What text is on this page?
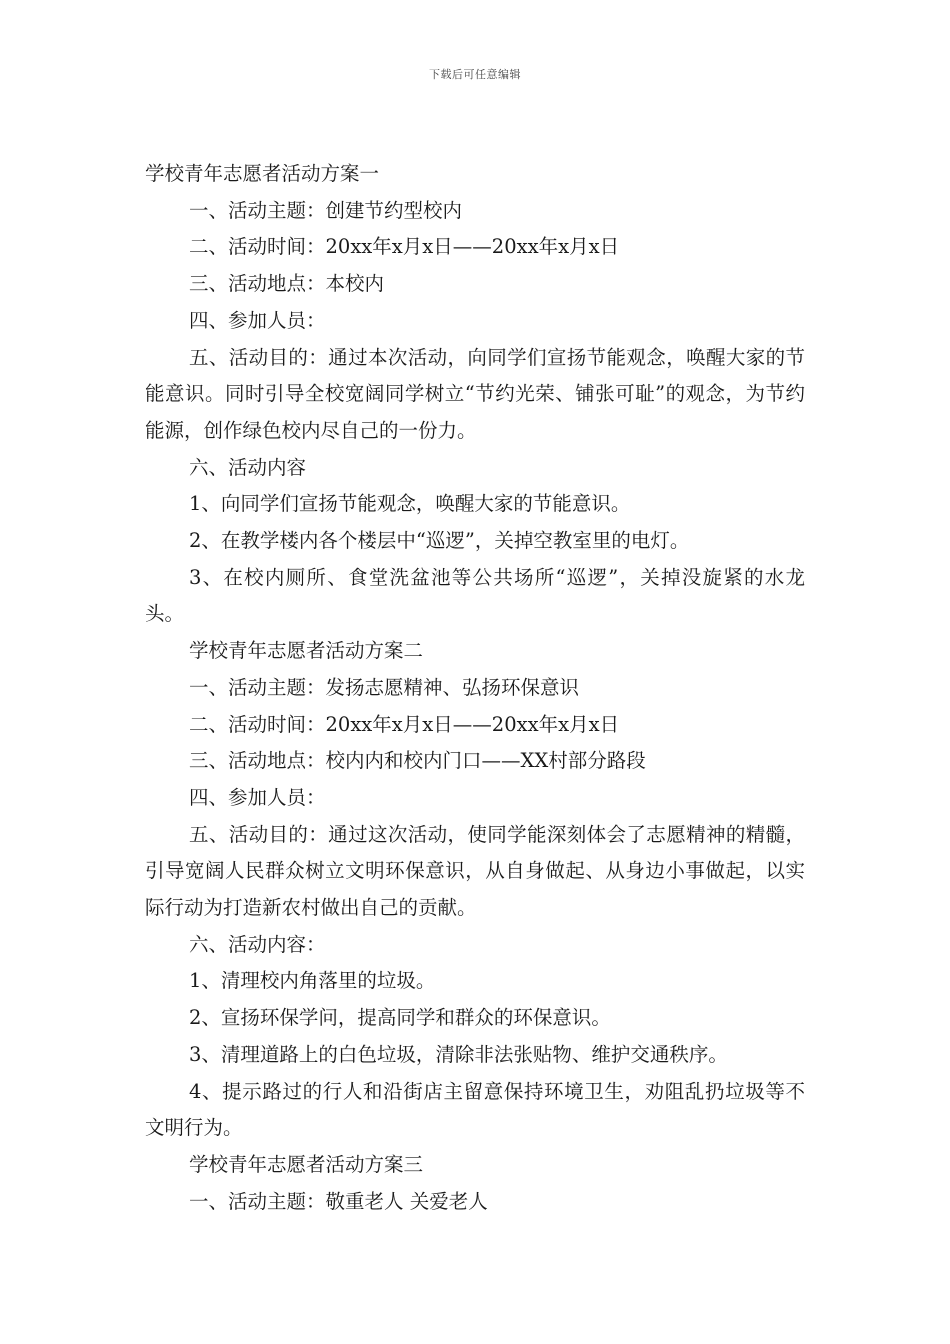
下载后可任意编辑

学校青年志愿者活动方案一

一、活动主题：创建节约型校内

二、活动时间：20xx年x月x日——20xx年x月x日

三、活动地点：本校内

四、参加人员：

五、活动目的：通过本次活动，向同学们宣扬节能观念，唤醒大家的节能意识。同时引导全校宽阔同学树立“节约光荣、铺张可耻”的观念，为节约能源，创作绿色校内尽自己的一份力。

六、活动内容

1、向同学们宣扬节能观念，唤醒大家的节能意识。

2、在教学楼内各个楼层中“巡逻”，关掉空教室里的电灯。

3、在校内厕所、食堂洗盆池等公共场所“巡逻”，关掉没旋紧的水龙头。

学校青年志愿者活动方案二

一、活动主题：发扬志愿精神、弘扬环保意识

二、活动时间：20xx年x月x日——20xx年x月x日

三、活动地点：校内内和校内门口——XX村部分路段

四、参加人员：

五、活动目的：通过这次活动，使同学能深刻体会了志愿精神的精髓，引导宽阔人民群众树立文明环保意识，从自身做起、从身边小事做起，以实际行动为打造新农村做出自己的贡献。

六、活动内容：

1、清理校内角落里的垃圾。

2、宣扬环保学问，提高同学和群众的环保意识。

3、清理道路上的白色垃圾，清除非法张贴物、维护交通秩序。

4、提示路过的行人和沿街店主留意保持环境卫生，劝阻乱扔垃圾等不文明行为。

学校青年志愿者活动方案三

一、活动主题：敬重老人 关爱老人
